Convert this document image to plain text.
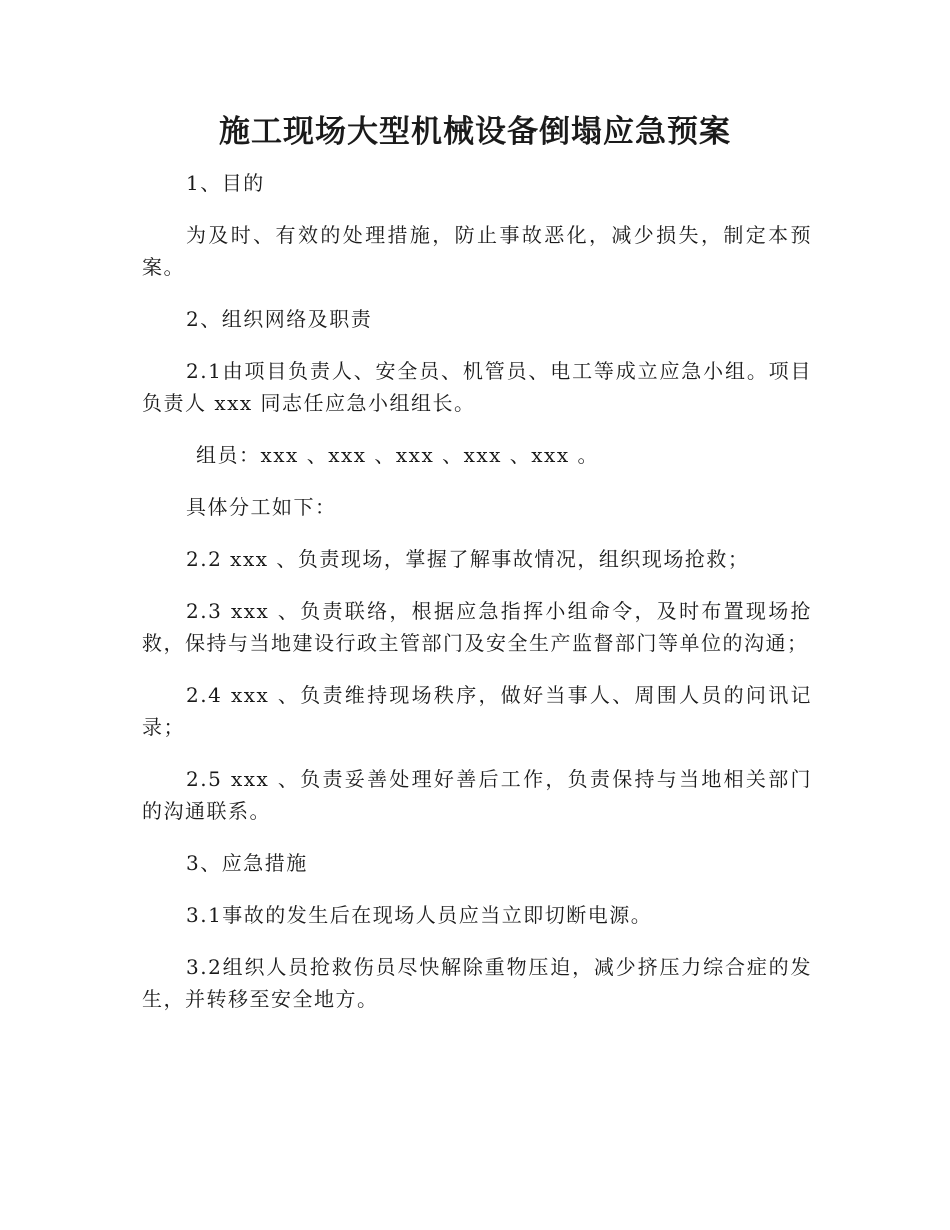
施工现场大型机械设备倒塌应急预案

1、目的

为及时、有效的处理措施，防止事故恶化，减少损失，制定本预案。

2、组织网络及职责

2.1由项目负责人、安全员、机管员、电工等成立应急小组。项目负责人 xxx 同志任应急小组组长。

组员：xxx 、xxx 、xxx 、xxx 、xxx 。

具体分工如下：

2.2 xxx 、负责现场，掌握了解事故情况，组织现场抢救；

2.3 xxx 、负责联络，根据应急指挥小组命令，及时布置现场抢救，保持与当地建设行政主管部门及安全生产监督部门等单位的沟通；

2.4 xxx 、负责维持现场秩序，做好当事人、周围人员的问讯记录；

2.5 xxx 、负责妥善处理好善后工作，负责保持与当地相关部门的沟通联系。

3、应急措施

3.1事故的发生后在现场人员应当立即切断电源。

3.2组织人员抢救伤员尽快解除重物压迫，减少挤压力综合症的发生，并转移至安全地方。
